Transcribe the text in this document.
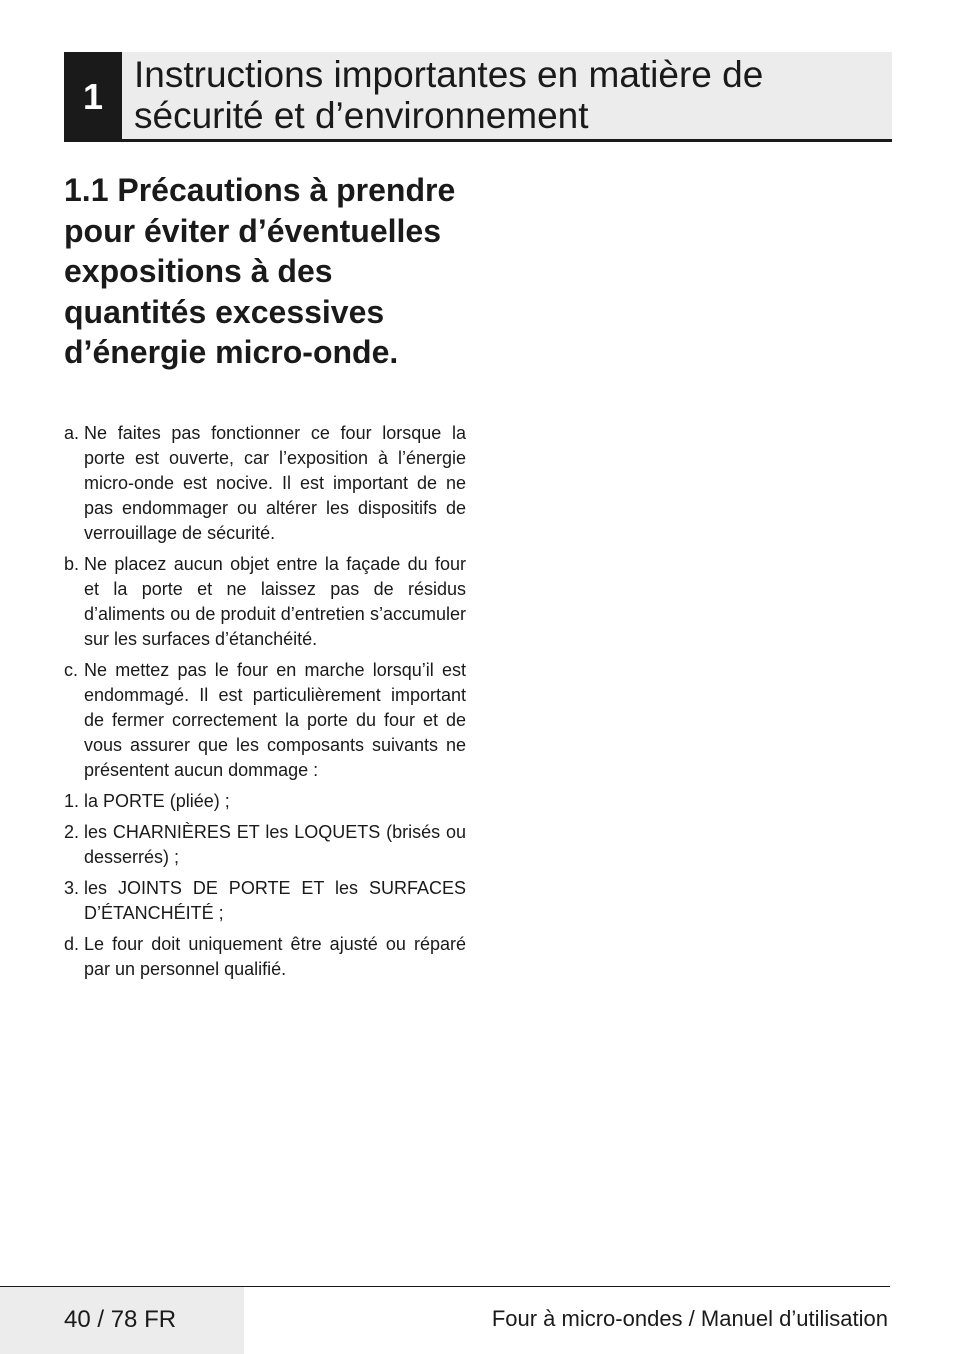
1
Instructions importantes en matière de sécurité et d’environnement
1.1 Précautions à prendre pour éviter d’éventuelles expositions à des quantités excessives d’énergie micro-onde.
a. Ne faites pas fonctionner ce four lorsque la porte est ouverte, car l’exposition à l’énergie micro-onde est nocive. Il est important de ne pas endommager ou altérer les dispositifs de verrouillage de sécurité.
b. Ne placez aucun objet entre la façade du four et la porte et ne laissez pas de résidus d’aliments ou de produit d’entretien s’accumuler sur les surfaces d’étanchéité.
c. Ne mettez pas le four en marche lorsqu’il est endommagé. Il est particulièrement important de fermer correctement la porte du four et de vous assurer que les composants suivants ne présentent aucun dommage :
1. la PORTE (pliée) ;
2. les CHARNIÈRES ET les LOQUETS (brisés ou desserrés) ;
3. les JOINTS DE PORTE ET les SURFACES D’ÉTANCHÉITÉ ;
d. Le four doit uniquement être ajusté ou réparé par un personnel qualifié.
40 / 78 FR	Four à micro-ondes / Manuel d’utilisation
